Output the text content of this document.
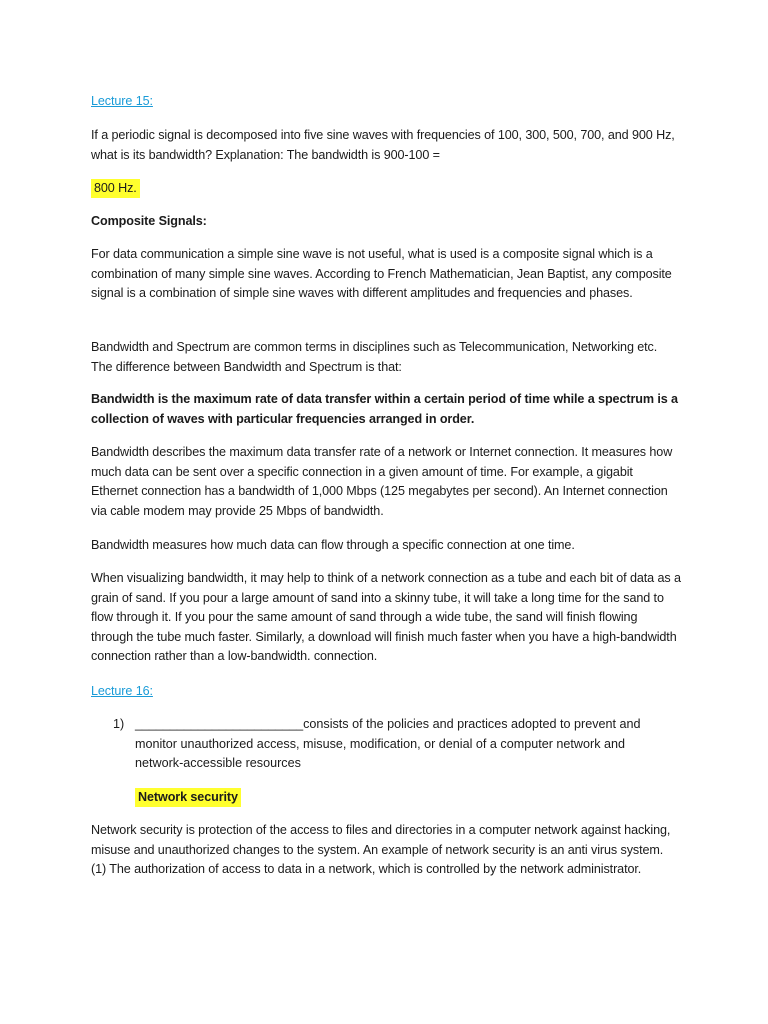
Lecture 15:

If a periodic signal is decomposed into five sine waves with frequencies of 100, 300, 500, 700, and 900 Hz, what is its bandwidth? Explanation: The bandwidth is 900-100 =

800 Hz.

Composite Signals:

For data communication a simple sine wave is not useful, what is used is a composite signal which is a combination of many simple sine waves. According to French Mathematician, Jean Baptist, any composite signal is a combination of simple sine waves with different amplitudes and frequencies and phases.

Bandwidth and Spectrum are common terms in disciplines such as Telecommunication, Networking etc. The difference between Bandwidth and Spectrum is that:

Bandwidth is the maximum rate of data transfer within a certain period of time while a spectrum is a collection of waves with particular frequencies arranged in order.

Bandwidth describes the maximum data transfer rate of a network or Internet connection. It measures how much data can be sent over a specific connection in a given amount of time. For example, a gigabit Ethernet connection has a bandwidth of 1,000 Mbps (125 megabytes per second). An Internet connection via cable modem may provide 25 Mbps of bandwidth.

Bandwidth measures how much data can flow through a specific connection at one time.

When visualizing bandwidth, it may help to think of a network connection as a tube and each bit of data as a grain of sand. If you pour a large amount of sand into a skinny tube, it will take a long time for the sand to flow through it. If you pour the same amount of sand through a wide tube, the sand will finish flowing through the tube much faster. Similarly, a download will finish much faster when you have a high-bandwidth connection rather than a low-bandwidth. connection.

Lecture 16:

1) ________________________consists of the policies and practices adopted to prevent and monitor unauthorized access, misuse, modification, or denial of a computer network and network-accessible resources

Network security

Network security is protection of the access to files and directories in a computer network against hacking, misuse and unauthorized changes to the system. An example of network security is an anti virus system. (1) The authorization of access to data in a network, which is controlled by the network administrator.
